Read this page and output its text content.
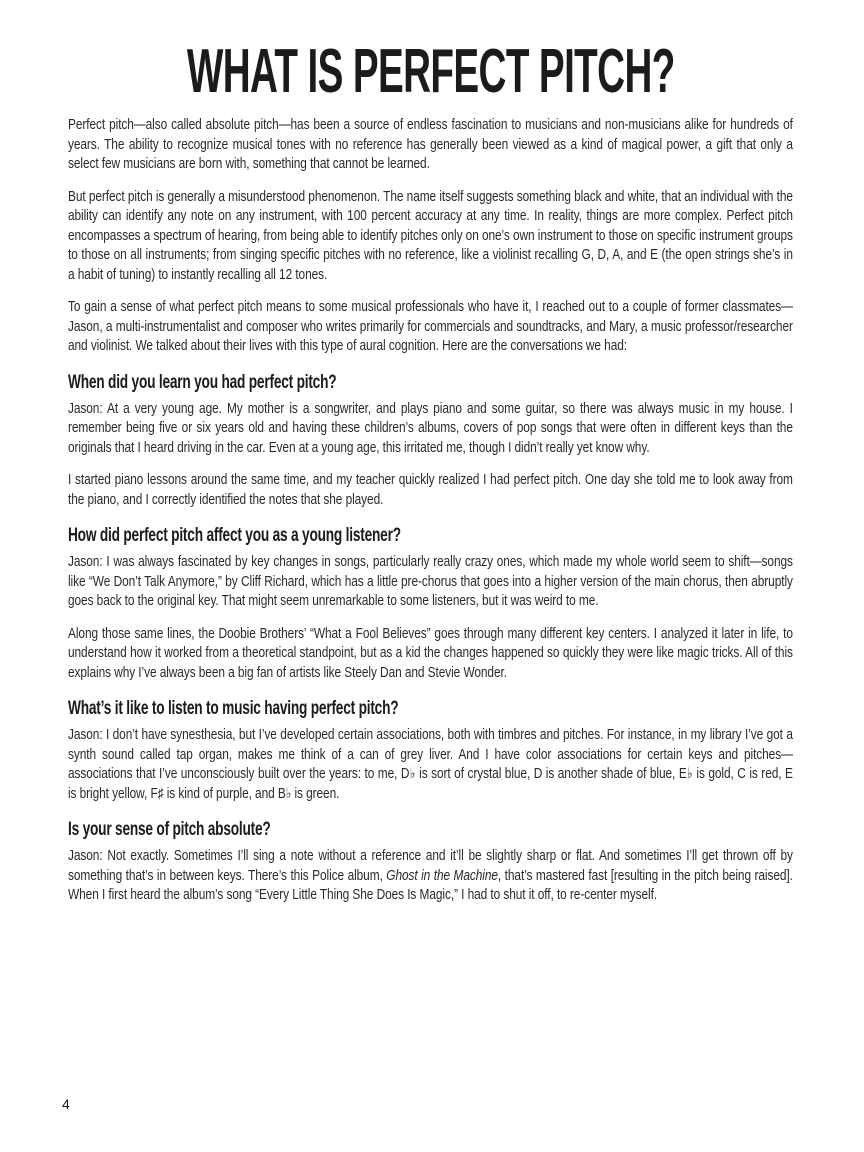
WHAT IS PERFECT PITCH?

Perfect pitch—also called absolute pitch—has been a source of endless fascination to musicians and non-musicians alike for hundreds of years. The ability to recognize musical tones with no reference has generally been viewed as a kind of magical power, a gift that only a select few musicians are born with, something that cannot be learned.

But perfect pitch is generally a misunderstood phenomenon. The name itself suggests something black and white, that an individual with the ability can identify any note on any instrument, with 100 percent accuracy at any time. In reality, things are more complex. Perfect pitch encompasses a spectrum of hearing, from being able to identify pitches only on one’s own instrument to those on specific instrument groups to those on all instruments; from singing specific pitches with no reference, like a violinist recalling G, D, A, and E (the open strings she’s in a habit of tuning) to instantly recalling all 12 tones.

To gain a sense of what perfect pitch means to some musical professionals who have it, I reached out to a couple of former classmates—Jason, a multi-instrumentalist and composer who writes primarily for commercials and soundtracks, and Mary, a music professor/researcher and violinist. We talked about their lives with this type of aural cognition. Here are the conversations we had:

When did you learn you had perfect pitch?

Jason: At a very young age. My mother is a songwriter, and plays piano and some guitar, so there was always music in my house. I remember being five or six years old and having these children’s albums, covers of pop songs that were often in different keys than the originals that I heard driving in the car. Even at a young age, this irritated me, though I didn’t really yet know why.

I started piano lessons around the same time, and my teacher quickly realized I had perfect pitch. One day she told me to look away from the piano, and I correctly identified the notes that she played.

How did perfect pitch affect you as a young listener?

Jason: I was always fascinated by key changes in songs, particularly really crazy ones, which made my whole world seem to shift—songs like “We Don’t Talk Anymore,” by Cliff Richard, which has a little pre-chorus that goes into a higher version of the main chorus, then abruptly goes back to the original key. That might seem unremarkable to some listeners, but it was weird to me.

Along those same lines, the Doobie Brothers’ “What a Fool Believes” goes through many different key centers. I analyzed it later in life, to understand how it worked from a theoretical standpoint, but as a kid the changes happened so quickly they were like magic tricks. All of this explains why I’ve always been a big fan of artists like Steely Dan and Stevie Wonder.

What’s it like to listen to music having perfect pitch?

Jason: I don’t have synesthesia, but I’ve developed certain associations, both with timbres and pitches. For instance, in my library I’ve got a synth sound called tap organ, makes me think of a can of grey liver. And I have color associations for certain keys and pitches—associations that I’ve unconsciously built over the years: to me, D♭ is sort of crystal blue, D is another shade of blue, E♭ is gold, C is red, E is bright yellow, F♯ is kind of purple, and B♭ is green.

Is your sense of pitch absolute?

Jason: Not exactly. Sometimes I’ll sing a note without a reference and it’ll be slightly sharp or flat. And sometimes I’ll get thrown off by something that’s in between keys. There’s this Police album, Ghost in the Machine, that’s mastered fast [resulting in the pitch being raised]. When I first heard the album’s song “Every Little Thing She Does Is Magic,” I had to shut it off, to re-center myself.

4
